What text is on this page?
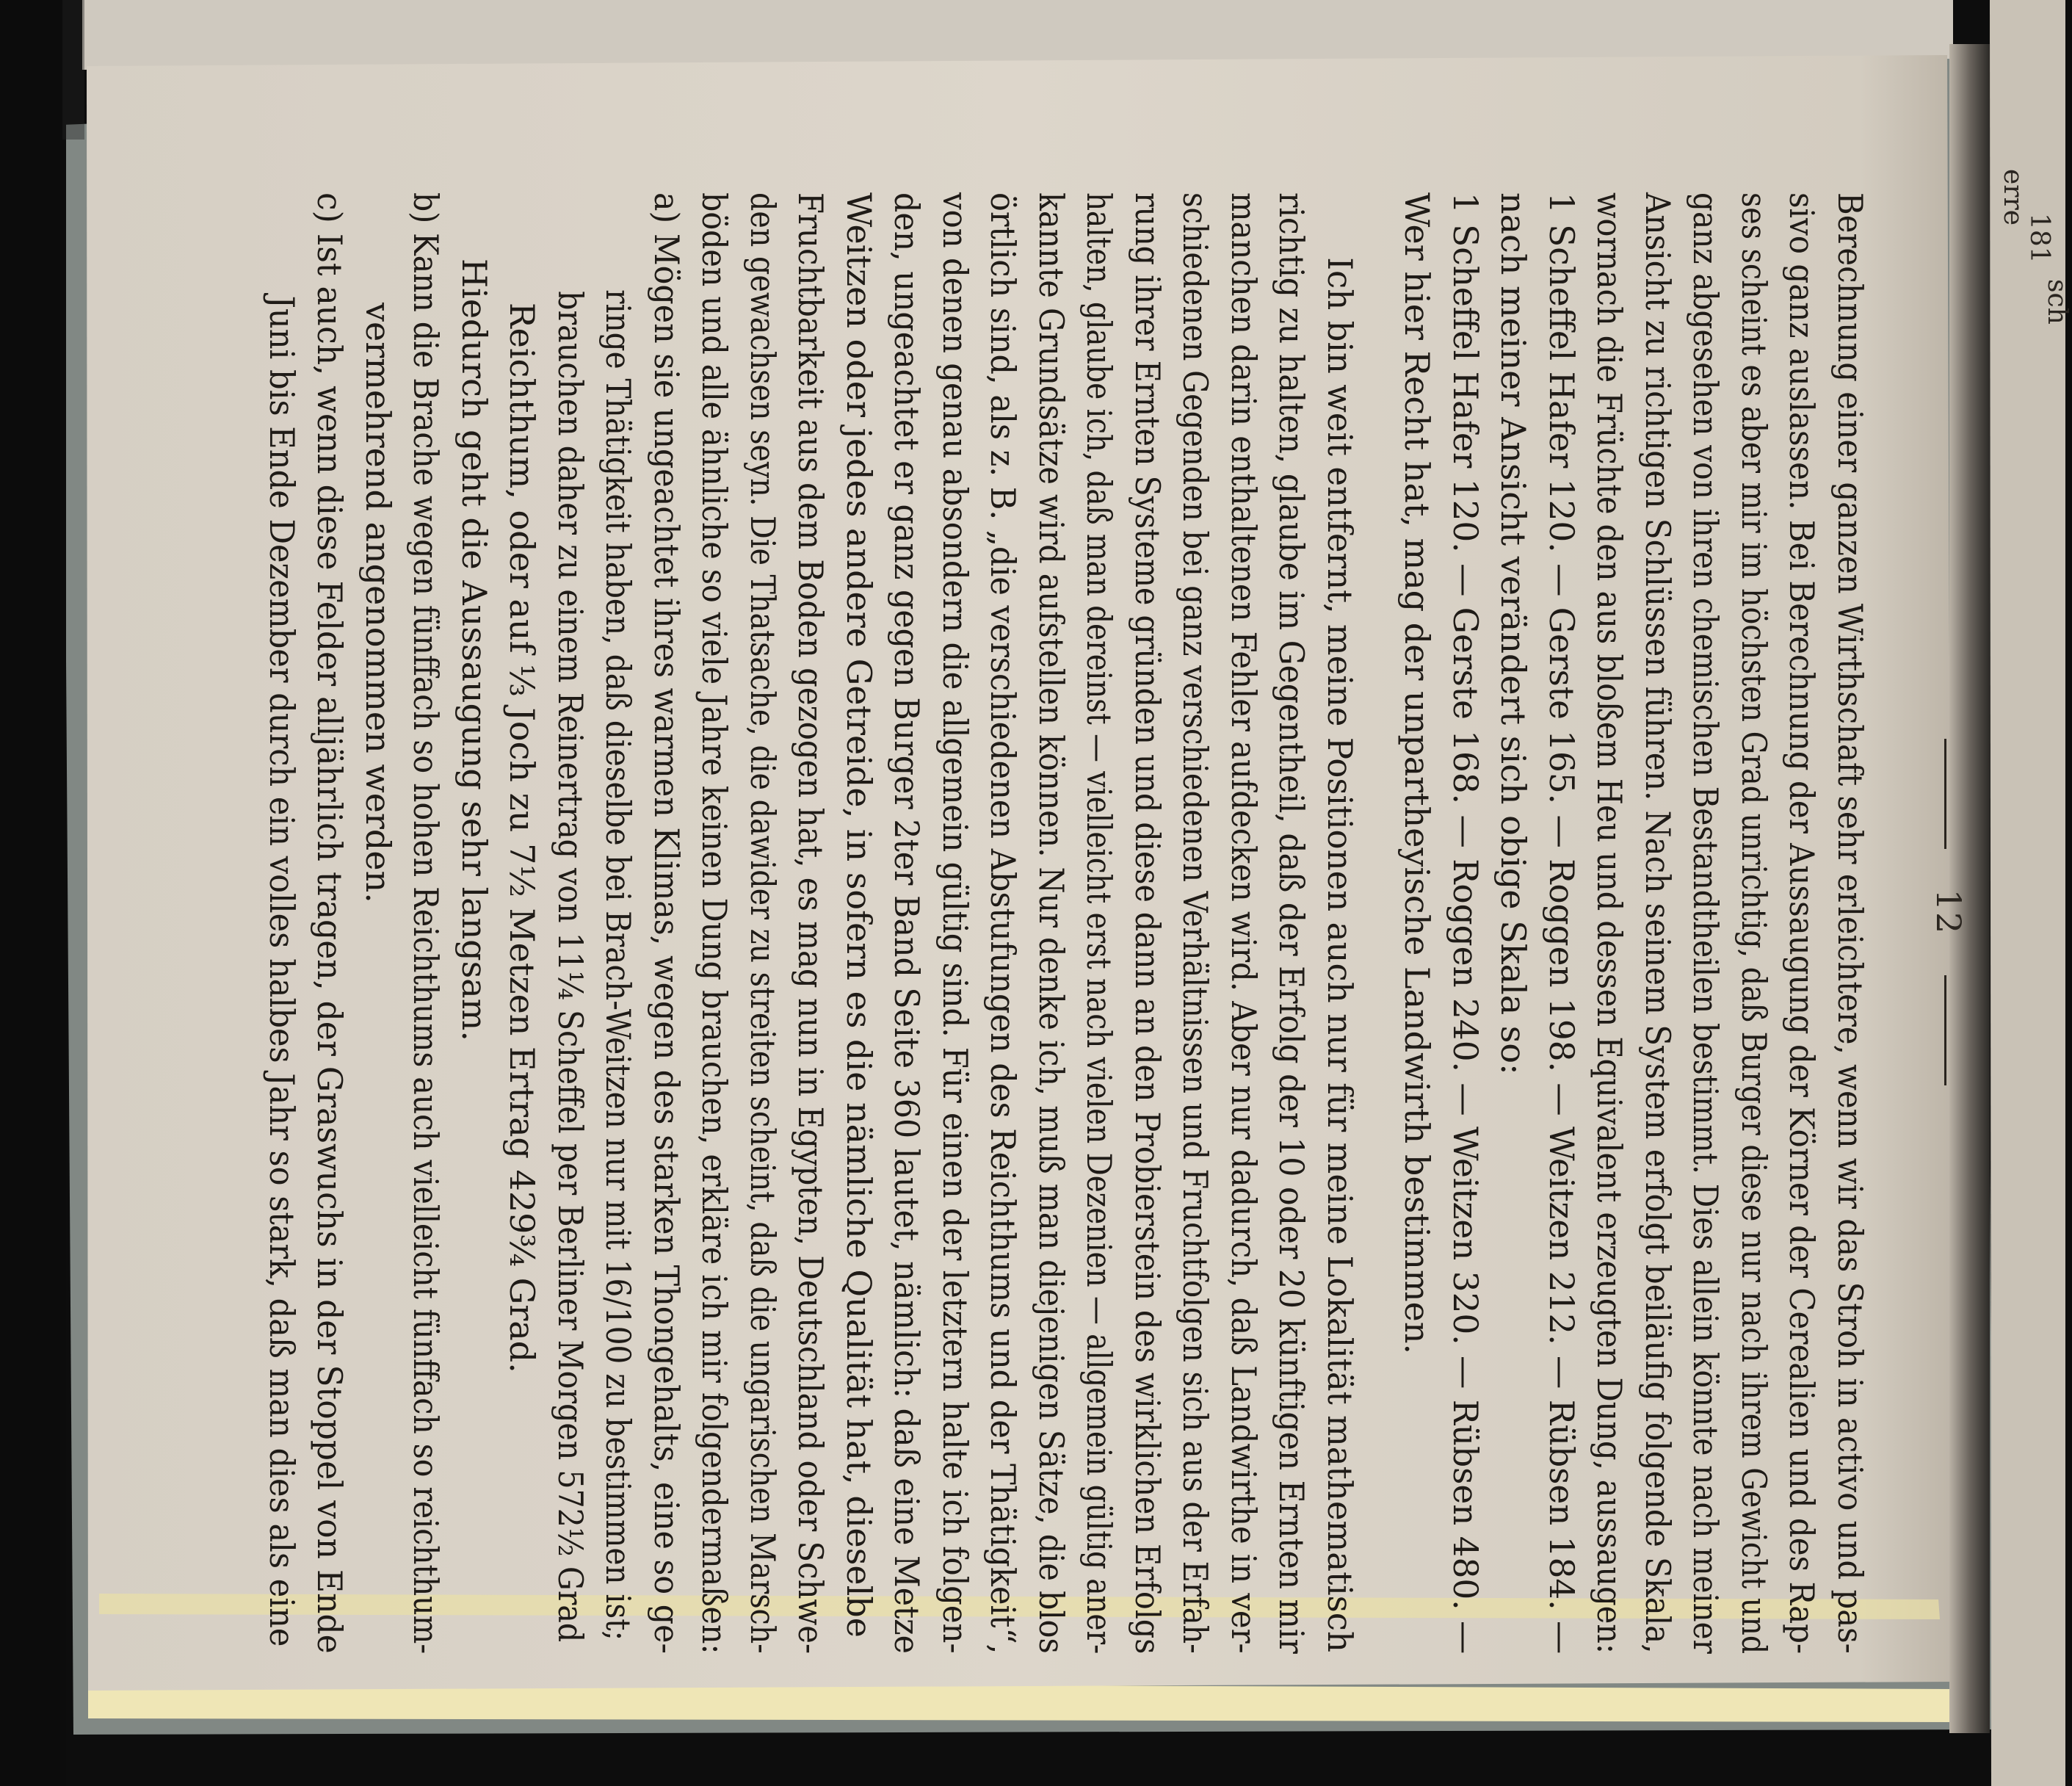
erre
181
sch
12
Berechnung einer ganzen Wirthschaft sehr erleichtere, wenn wir das Stroh in activo und pas-
sivo ganz auslassen. Bei Berechnung der Aussaugung der Körner der Cerealien und des Rap-
ses scheint es aber mir im höchsten Grad unrichtig, daß Burger diese nur nach ihrem Gewicht und
ganz abgesehen von ihren chemischen Bestandtheilen bestimmt. Dies allein könnte nach meiner
Ansicht zu richtigen Schlüssen führen. Nach seinem System erfolgt beiläufig folgende Skala,
wornach die Früchte den aus bloßem Heu und dessen Equivalent erzeugten Dung, aussaugen:
1 Scheffel Hafer 120. — Gerste 165. — Roggen 198. — Weitzen 212. — Rübsen 184. —
nach meiner Ansicht verändert sich obige Skala so:
1 Scheffel Hafer 120. — Gerste 168. — Roggen 240. — Weitzen 320. — Rübsen 480. —
Wer hier Recht hat, mag der unpartheyische Landwirth bestimmen.
Ich bin weit entfernt, meine Positionen auch nur für meine Lokalität mathematisch
richtig zu halten, glaube im Gegentheil, daß der Erfolg der 10 oder 20 künftigen Ernten mir
manchen darin enthaltenen Fehler aufdecken wird. Aber nur dadurch, daß Landwirthe in ver-
schiedenen Gegenden bei ganz verschiedenen Verhältnissen und Fruchtfolgen sich aus der Erfah-
rung ihrer Ernten Systeme gründen und diese dann an den Probierstein des wirklichen Erfolgs
halten, glaube ich, daß man dereinst — vielleicht erst nach vielen Dezenien — allgemein gültig aner-
kannte Grundsätze wird aufstellen können. Nur denke ich, muß man diejenigen Sätze, die blos
örtlich sind, als z. B. „die verschiedenen Abstufungen des Reichthums und der Thätigkeit“,
von denen genau absondern die allgemein gültig sind. Für einen der letztern halte ich folgen-
den, ungeachtet er ganz gegen Burger 2ter Band Seite 360 lautet, nämlich: daß eine Metze
Weitzen oder jedes andere Getreide, in sofern es die nämliche Qualität hat, dieselbe
Fruchtbarkeit aus dem Boden gezogen hat, es mag nun in Egypten, Deutschland oder Schwe-
den gewachsen seyn. Die Thatsache, die dawider zu streiten scheint, daß die ungarischen Marsch-
böden und alle ähnliche so viele Jahre keinen Dung brauchen, erkläre ich mir folgendermaßen:
a) Mögen sie ungeachtet ihres warmen Klimas, wegen des starken Thongehalts, eine so ge-
ringe Thätigkeit haben, daß dieselbe bei Brach-Weitzen nur mit 16/100 zu bestimmen ist;
brauchen daher zu einem Reinertrag von 11¼ Scheffel per Berliner Morgen 572½ Grad
Reichthum, oder auf ⅓ Joch zu 7½ Metzen Ertrag 429¾ Grad.
Hiedurch geht die Aussaugung sehr langsam.
b) Kann die Brache wegen fünffach so hohen Reichthums auch vielleicht fünffach so reichthum-
vermehrend angenommen werden.
c) Ist auch, wenn diese Felder alljährlich tragen, der Graswuchs in der Stoppel von Ende
Juni bis Ende Dezember durch ein volles halbes Jahr so stark, daß man dies als eine
